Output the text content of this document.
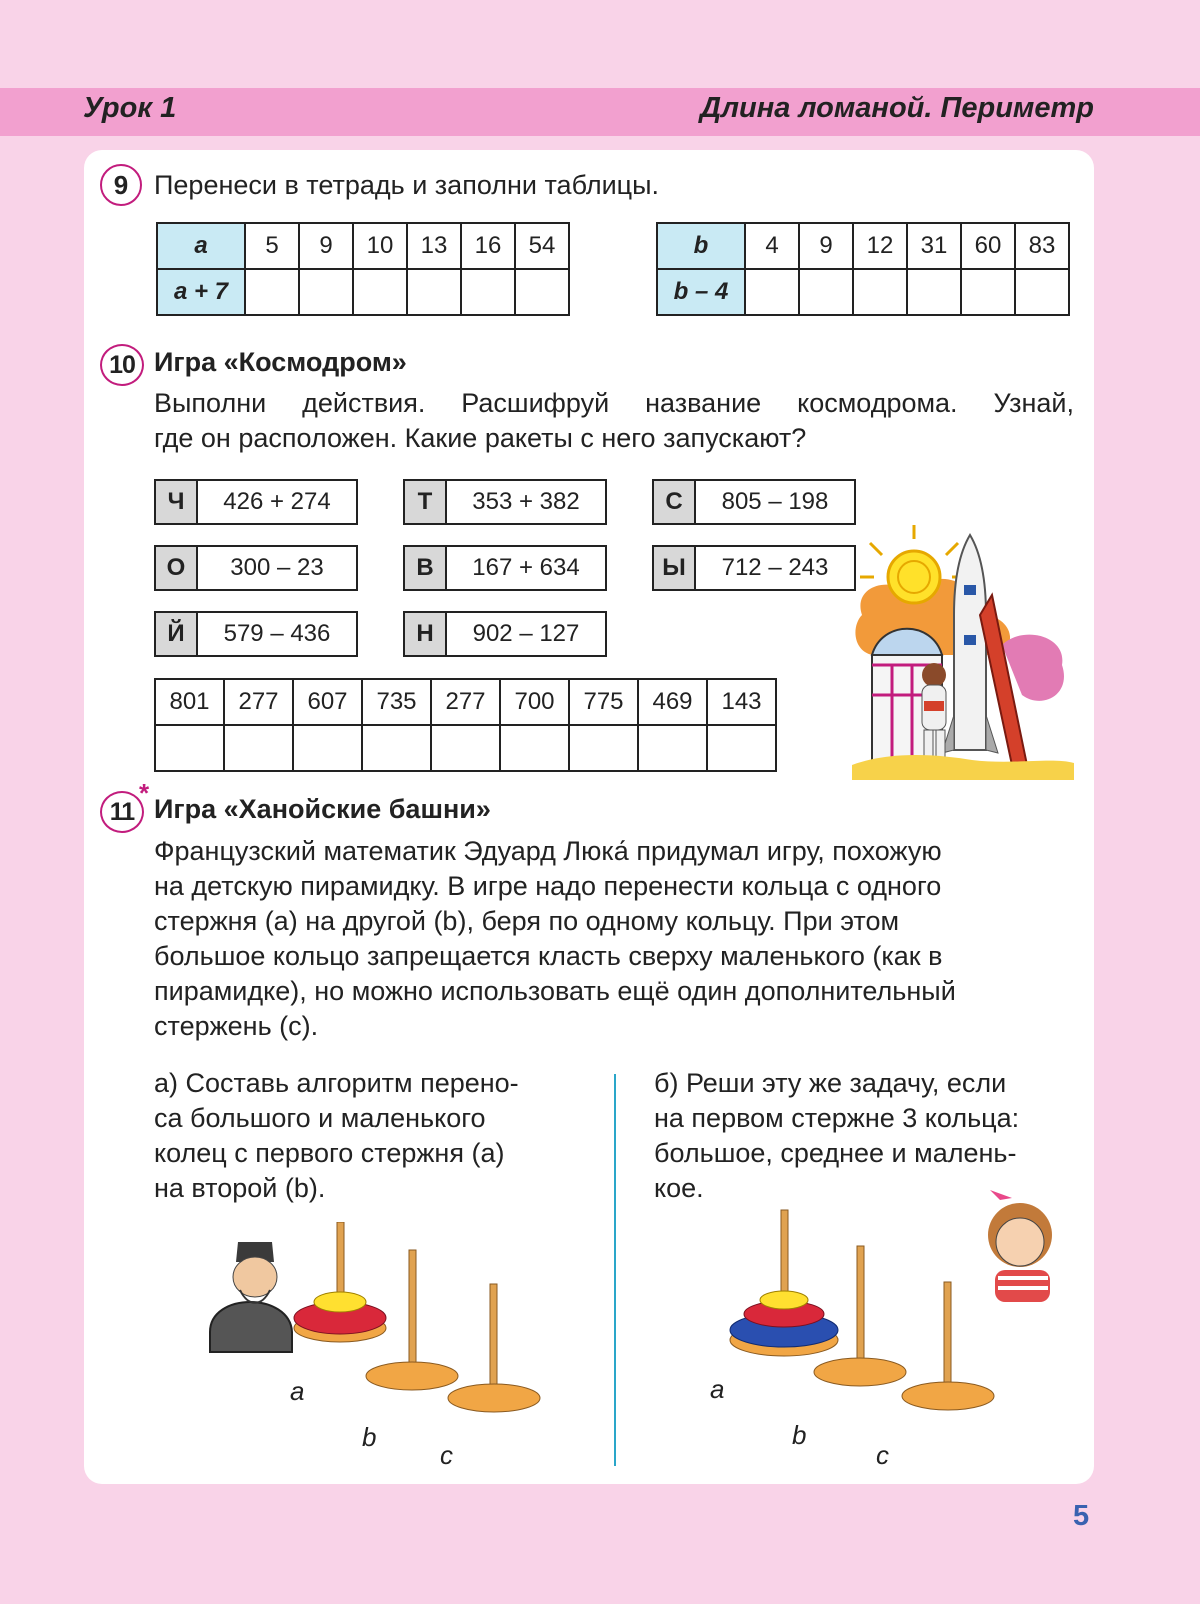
Урок 1	Длина ломаной. Периметр
9 Перенеси в тетрадь и заполни таблицы.
a	5	9	10	13	16	54
a + 7						
b	4	9	12	31	60	83
b – 4						
10 Игра «Космодром»
Выполни действия. Расшифруй название космодрома. Узнай,
где он расположен. Какие ракеты с него запускают?
Ч	426 + 274	Т	353 + 382	С	805 – 198
О	300 – 23	В	167 + 634	Ы	712 – 243
Й	579 – 436	Н	902 – 127
801	277	607	735	277	700	775	469	143

11
*
Игра «Ханойские башни»
Французский математик Эдуард Люка́ придумал игру, похожую
на детскую пирамидку. В игре надо перенести кольца с одного
стержня (a) на другой (b), беря по одному кольцу. При этом
большое кольцо запрещается класть сверху маленького (как в
пирамидке), но можно использовать ещё один дополнительный
стержень (c).
а) Составь алгоритм перено-
са большого и маленького
колец с первого стержня (a)
на второй (b).
б) Реши эту же задачу, если
на первом стержне 3 кольца:
большое, среднее и малень-
кое.
a
b
c
a
b
c
5
